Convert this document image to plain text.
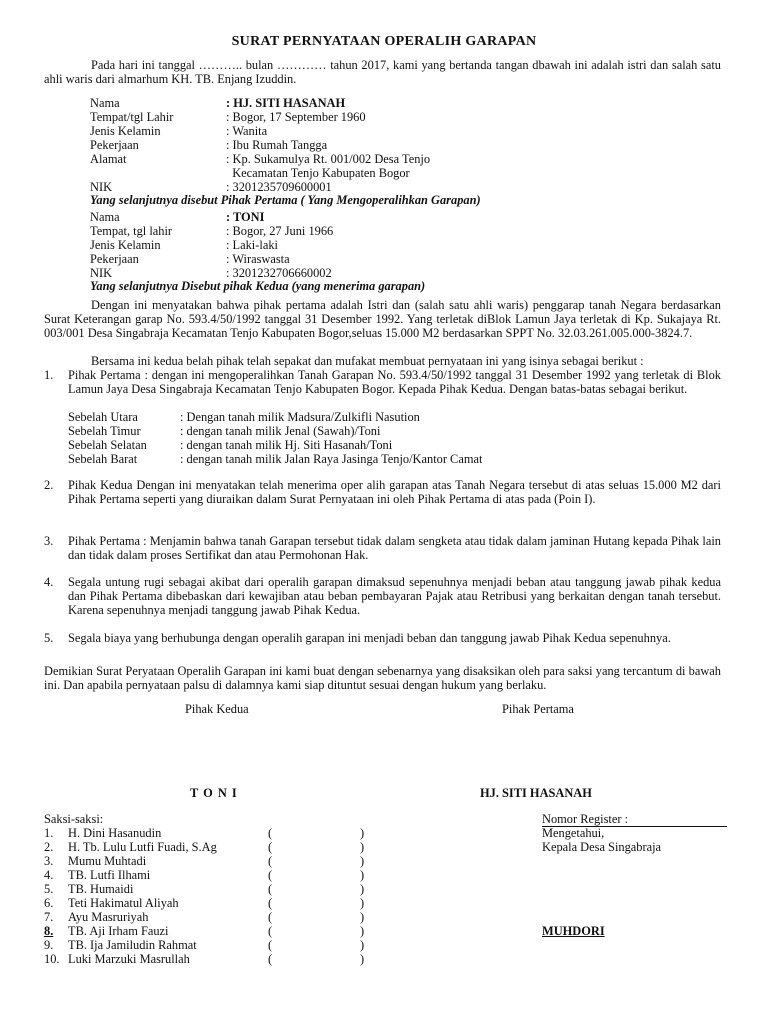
SURAT PERNYATAAN OPERALIH GARAPAN
Pada hari ini tanggal ……….. bulan ………… tahun 2017, kami yang bertanda tangan dbawah ini adalah istri dan salah satu ahli waris dari almarhum KH. TB. Enjang Izuddin.
Nama	: HJ. SITI HASANAH
Tempat/tgl Lahir	: Bogor, 17 September 1960
Jenis Kelamin	: Wanita
Pekerjaan	: Ibu Rumah Tangga
Alamat	: Kp. Sukamulya Rt. 001/002 Desa Tenjo
Kecamatan Tenjo Kabupaten Bogor
NIK	: 3201235709600001
Yang selanjutnya disebut Pihak Pertama ( Yang Mengoperalihkan Garapan)
Nama	: TONI
Tempat, tgl lahir	: Bogor, 27 Juni 1966
Jenis Kelamin	: Laki-laki
Pekerjaan	: Wiraswasta
NIK	: 3201232706660002
Yang selanjutnya Disebut pihak Kedua (yang menerima garapan)
Dengan ini menyatakan bahwa pihak pertama adalah Istri dan (salah satu ahli waris) penggarap tanah Negara berdasarkan Surat Keterangan garap No. 593.4/50/1992 tanggal 31 Desember 1992. Yang terletak diBlok Lamun Jaya terletak di Kp. Sukajaya Rt. 003/001 Desa Singabraja Kecamatan Tenjo Kabupaten Bogor,seluas 15.000 M2 berdasarkan SPPT No. 32.03.261.005.000-3824.7.
Bersama ini kedua belah pihak telah sepakat dan mufakat membuat pernyataan ini yang isinya sebagai berikut :
1. Pihak Pertama : dengan ini mengoperalihkan Tanah Garapan No. 593.4/50/1992 tanggal 31 Desember 1992 yang terletak di Blok Lamun Jaya Desa Singabraja Kecamatan Tenjo Kabupaten Bogor. Kepada Pihak Kedua. Dengan batas-batas sebagai berikut.
Sebelah Utara	: Dengan tanah milik Madsura/Zulkifli Nasution
Sebelah Timur	: dengan tanah milik Jenal (Sawah)/Toni
Sebelah Selatan	: dengan tanah milik Hj. Siti Hasanah/Toni
Sebelah Barat	: dengan tanah milik Jalan Raya Jasinga Tenjo/Kantor Camat
2. Pihak Kedua Dengan ini menyatakan telah menerima oper alih garapan atas Tanah Negara tersebut di atas seluas 15.000 M2 dari Pihak Pertama seperti yang diuraikan dalam Surat Pernyataan ini oleh Pihak Pertama di atas pada (Poin I).
3. Pihak Pertama : Menjamin bahwa tanah Garapan tersebut tidak dalam sengketa atau tidak dalam jaminan Hutang kepada Pihak lain dan tidak dalam proses Sertifikat dan atau Permohonan Hak.
4. Segala untung rugi sebagai akibat dari operalih garapan dimaksud sepenuhnya menjadi beban atau tanggung jawab pihak kedua dan Pihak Pertama dibebaskan dari kewajiban atau beban pembayaran Pajak atau Retribusi yang berkaitan dengan tanah tersebut. Karena sepenuhnya menjadi tanggung jawab Pihak Kedua.
5. Segala biaya yang berhubunga dengan operalih garapan ini menjadi beban dan tanggung jawab Pihak Kedua sepenuhnya.
Demikian Surat Peryataan Operalih Garapan ini kami buat dengan sebenarnya yang disaksikan oleh para saksi yang tercantum di bawah ini. Dan apabila pernyataan palsu di dalamnya kami siap dituntut sesuai dengan hukum yang berlaku.
Pihak Kedua	Pihak Pertama
T O N I	HJ. SITI HASANAH
Saksi-saksi:
1. H. Dini Hasanudin	(	)
2. H. Tb. Lulu Lutfi Fuadi, S.Ag	(	)
3. Mumu Muhtadi	(	)
4. TB. Lutfi Ilhami	(	)
5. TB. Humaidi	(	)
6. Teti Hakimatul Aliyah	(	)
7. Ayu Masruriyah	(	)
8. TB. Aji Irham Fauzi	(	)
9. TB. Ija Jamiludin Rahmat	(	)
10. Luki Marzuki Masrullah	(	)
Nomor Register :
Mengetahui,
Kepala Desa Singabraja
MUHDORI
